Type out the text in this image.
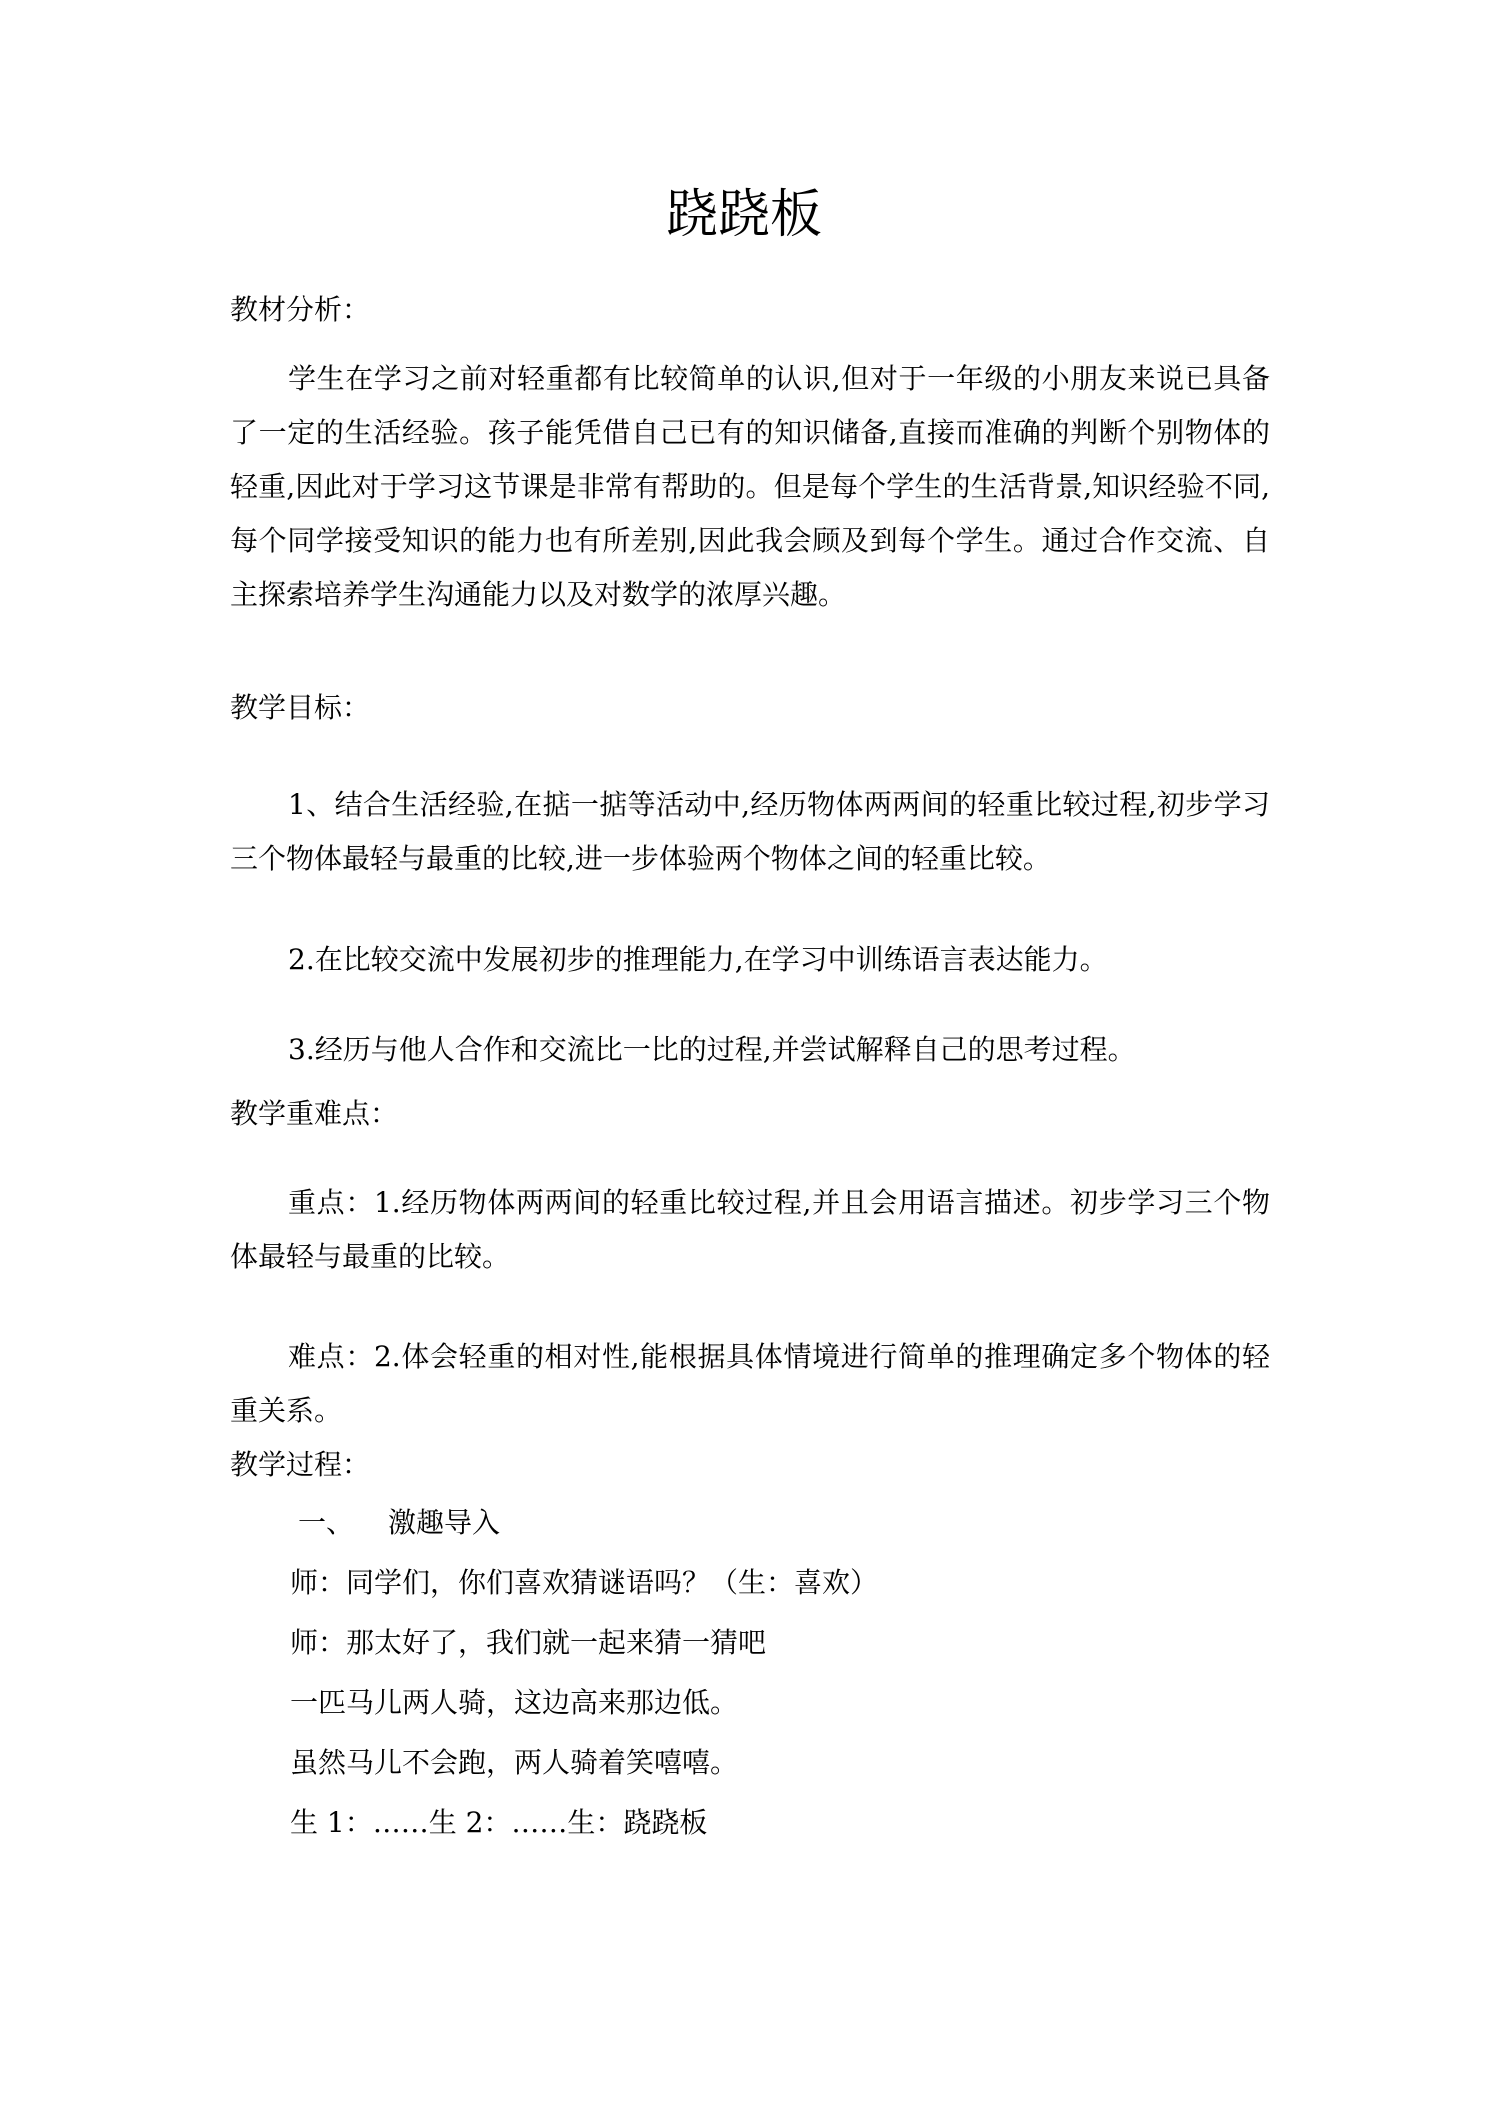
跷跷板
教材分析：
学生在学习之前对轻重都有比较简单的认识,但对于一年级的小朋友来说已具备了一定的生活经验。孩子能凭借自己已有的知识储备,直接而准确的判断个别物体的轻重,因此对于学习这节课是非常有帮助的。但是每个学生的生活背景,知识经验不同,每个同学接受知识的能力也有所差别,因此我会顾及到每个学生。通过合作交流、自主探索培养学生沟通能力以及对数学的浓厚兴趣。
教学目标：
1、结合生活经验,在掂一掂等活动中,经历物体两两间的轻重比较过程,初步学习三个物体最轻与最重的比较,进一步体验两个物体之间的轻重比较。
2.在比较交流中发展初步的推理能力,在学习中训练语言表达能力。
3.经历与他人合作和交流比一比的过程,并尝试解释自己的思考过程。
教学重难点：
重点：1.经历物体两两间的轻重比较过程,并且会用语言描述。初步学习三个物体最轻与最重的比较。
难点：2.体会轻重的相对性,能根据具体情境进行简单的推理确定多个物体的轻重关系。
教学过程：
一、 激趣导入
师：同学们，你们喜欢猜谜语吗？（生：喜欢）
师：那太好了，我们就一起来猜一猜吧
一匹马儿两人骑，这边高来那边低。
虽然马儿不会跑，两人骑着笑嘻嘻。
生 1：……生 2：……生：跷跷板
